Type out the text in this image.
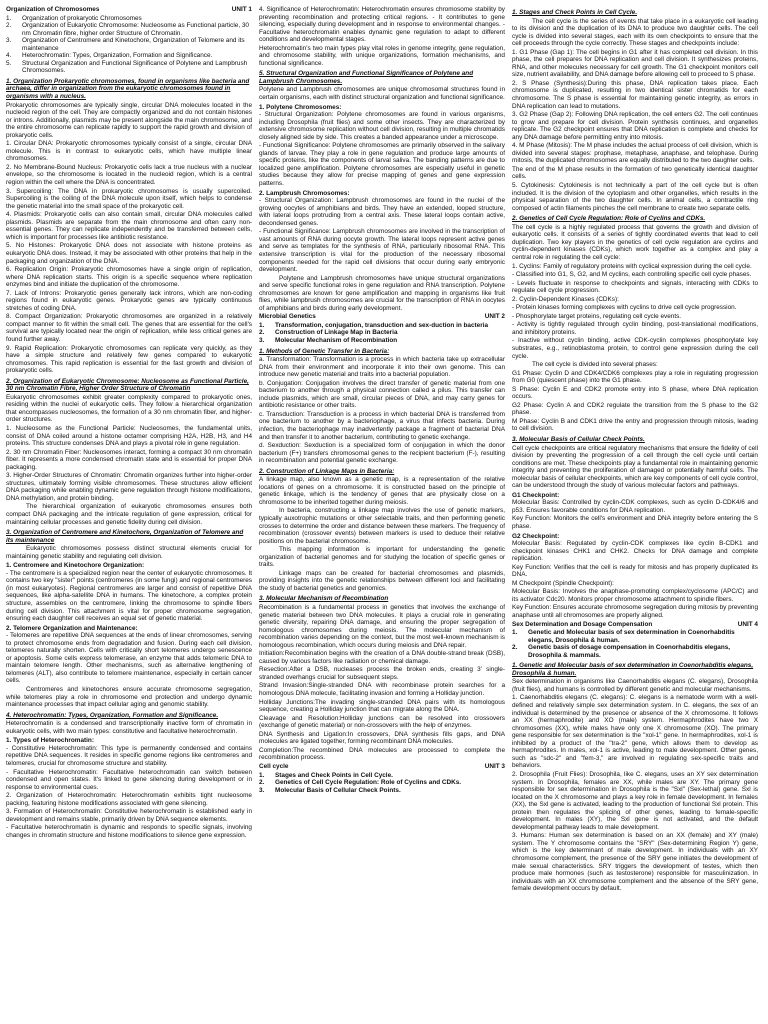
Organization of Chromosomes	UNIT 1
1.	Organization of prokaryotic Chromosomes
2.	Organization of Eukaryotic Chromosome: Nucleosome as Functional particle, 30 nm Chromatin fibre, higher order Structure of Chromatin.
3.	Organization of Centromere and Kinetochore, Organization of Telomere and its maintenance
4.	Heterochromatin: Types, Organization, Formation and Significance.
5.	Structural Organization and Functional Significance of Polytene and Lampbrush Chromosomes.
1. Organization Prokaryotic chromosomes, found in organisms like bacteria and archaea, differ in organization from the eukaryotic chromosomes found in organisms with a nucleus.
Prokaryotic chromosomes are typically single, circular DNA molecules located in the nucleoid region of the cell. They are compactly organized and do not contain histones or introns. Additionally, plasmids may be present alongside the main chromosome, and the entire chromosome can replicate rapidly to support the rapid growth and division of prokaryotic cells.
1. Circular DNA: Prokaryotic chromosomes typically consist of a single, circular DNA molecule. This is in contrast to eukaryotic cells, which have multiple linear chromosomes.
2. No Membrane-Bound Nucleus: Prokaryotic cells lack a true nucleus with a nuclear envelope, so the chromosome is located in the nucleoid region, which is a central region within the cell where the DNA is concentrated.
3. Supercoiling: The DNA in prokaryotic chromosomes is usually supercoiled. Supercoiling is the coiling of the DNA molecule upon itself, which helps to condense the genetic material into the small space of the prokaryotic cell.
4. Plasmids: Prokaryotic cells can also contain small, circular DNA molecules called plasmids. Plasmids are separate from the main chromosome and often carry non-essential genes. They can replicate independently and be transferred between cells, which is important for processes like antibiotic resistance.
5. No Histones: Prokaryotic DNA does not associate with histone proteins as eukaryotic DNA does. Instead, it may be associated with other proteins that help in the packaging and organization of the DNA.
6. Replication Origin: Prokaryotic chromosomes have a single origin of replication, where DNA replication starts. This origin is a specific sequence where replication enzymes bind and initiate the duplication of the chromosome.
7. Lack of Introns: Prokaryotic genes generally lack introns, which are non-coding regions found in eukaryotic genes. Prokaryotic genes are typically continuous stretches of coding DNA.
8. Compact Organization: Prokaryotic chromosomes are organized in a relatively compact manner to fit within the small cell. The genes that are essential for the cell's survival are typically located near the origin of replication, while less critical genes are found further away.
9. Rapid Replication: Prokaryotic chromosomes can replicate very quickly, as they have a simple structure and relatively few genes compared to eukaryotic chromosomes. This rapid replication is essential for the fast growth and division of prokaryotic cells.
2. Organization of Eukaryotic Chromosome: Nucleosome as Functional Particle, 30 nm Chromatin Fibre, Higher Order Structure of Chromatin
Eukaryotic chromosomes exhibit greater complexity compared to prokaryotic ones, residing within the nuclei of eukaryotic cells. They follow a hierarchical organization that encompasses nucleosomes, the formation of a 30 nm chromatin fiber, and higher-order structures.
1. Nucleosome as the Functional Particle: Nucleosomes, the fundamental units, consist of DNA coiled around a histone octamer comprising H2A, H2B, H3, and H4 proteins. This structure condenses DNA and plays a pivotal role in gene regulation.
2. 30 nm Chromatin Fiber: Nucleosomes interact, forming a compact 30 nm chromatin fiber. It represents a more condensed chromatin state and is essential for proper DNA packaging.
3. Higher-Order Structures of Chromatin: Chromatin organizes further into higher-order structures, ultimately forming visible chromosomes. These structures allow efficient DNA packaging while enabling dynamic gene regulation through histone modifications, DNA methylation, and protein binding.
The hierarchical organization of eukaryotic chromosomes ensures both compact DNA packaging and the intricate regulation of gene expression, critical for maintaining cellular processes and genetic fidelity during cell division.
3. Organization of Centromere and Kinetochore, Organization of Telomere and its maintenance
Eukaryotic chromosomes possess distinct structural elements crucial for maintaining genetic stability and regulating cell division.
1. Centromere and Kinetochore Organization:
- The centromere is a specialized region near the center of eukaryotic chromosomes. It contains two key "sister" points (centromeres (in some fungi) and regional centromeres (in most eukaryotes). Regional centromeres are larger and consist of repetitive DNA sequences, like alpha-satellite DNA in humans. The kinetochore, a complex protein structure, assembles on the centromere, linking the chromosome to spindle fibers during cell division. This attachment is vital for proper chromosome segregation, ensuring each daughter cell receives an equal set of genetic material.
2. Telomere Organization and Maintenance:
- Telomeres are repetitive DNA sequences at the ends of linear chromosomes, serving to protect chromosome ends from degradation and fusion. During each cell division, telomeres naturally shorten. Cells with critically short telomeres undergo senescence or apoptosis. Some cells express telomerase, an enzyme that adds telomeric DNA to maintain telomere length. Other mechanisms, such as alternative lengthening of telomeres (ALT), also contribute to telomere maintenance, especially in certain cancer cells.
Centromeres and kinetochores ensure accurate chromosome segregation, while telomeres play a role in chromosome end protection and undergo dynamic maintenance processes that impact cellular aging and genomic stability.
4. Heterochromatin: Types, Organization, Formation and Significance.
Heterochromatin is a condensed and transcriptionally inactive form of chromatin in eukaryotic cells, with two main types: constitutive and facultative heterochromatin.
1. Types of Heterochromatin:
- Constitutive Heterochromatin: This type is permanently condensed and contains repetitive DNA sequences. It resides in specific genome regions like centromeres and telomeres, crucial for chromosome structure and stability.
- Facultative Heterochromatin: Facultative heterochromatin can switch between condensed and open states. It's linked to gene silencing during development or in response to environmental cues.
2. Organization of Heterochromatin: Heterochromatin exhibits tight nucleosome packing, featuring histone modifications associated with gene silencing.
3. Formation of Heterochromatin: Constitutive heterochromatin is established early in development and remains stable, primarily driven by DNA sequence elements.
- Facultative heterochromatin is dynamic and responds to specific signals, involving changes in chromatin structure and histone modifications to silence gene expression.
4. Significance of Heterochromatin: Heterochromatin ensures chromosome stability by preventing recombination and protecting critical regions. - It contributes to gene silencing, especially during development and in response to environmental changes. - Facultative heterochromatin enables dynamic gene regulation to adapt to different conditions and developmental stages.
Heterochromatin's two main types play vital roles in genome integrity, gene regulation, and chromosome stability, with unique organizations, formation mechanisms, and functional significance.
5. Structural Organization and Functional Significance of Polytene and Lampbrush Chromosomes.
Polytene and Lampbrush chromosomes are unique chromosomal structures found in certain organisms, each with distinct structural organization and functional significance.
1. Polytene Chromosomes:
- Structural Organization: Polytene chromosomes are found in various organisms, including Drosophila (fruit flies) and some other insects. They are characterized by extensive chromosome replication without cell division, resulting in multiple chromatids closely aligned side by side. This creates a banded appearance under a microscope.
- Functional Significance: Polytene chromosomes are primarily observed in the salivary glands of larvae. They play a role in gene regulation and produce large amounts of specific proteins, like the components of larval saliva. The banding patterns are due to localized gene amplification. Polytene chromosomes are especially useful in genetic studies because they allow for precise mapping of genes and gene expression patterns.
2. Lampbrush Chromosomes:
- Structural Organization: Lampbrush chromosomes are found in the nuclei of the growing oocytes of amphibians and birds. They have an extended, looped structure, with lateral loops protruding from a central axis. These lateral loops contain active, decondensed genes.
- Functional Significance: Lampbrush chromosomes are involved in the transcription of vast amounts of RNA during oocyte growth. The lateral loops represent active genes and serve as templates for the synthesis of RNA, particularly ribosomal RNA. This extensive transcription is vital for the production of the necessary ribosomal components needed for the rapid cell divisions that occur during early embryonic development.
Polytene and Lampbrush chromosomes have unique structural organizations and serve specific functional roles in gene regulation and RNA transcription. Polytene chromosomes are known for gene amplification and mapping in organisms like fruit flies, while lampbrush chromosomes are crucial for the transcription of RNA in oocytes of amphibians and birds during early development.
Microbial Genetics	UNIT 2
1.	Transformation, conjugation, transduction and sex-duction in bacteria
2.	Construction of Linkage Map in Bacteria
3.	Molecular Mechanism of Recombination
1. Methods of Genetic Transfer in Bacteria:
a. Transformation: Transformation is a process in which bacteria take up extracellular DNA from their environment and incorporate it into their own genome. This can introduce new genetic material and traits into a bacterial population.
b. Conjugation: Conjugation involves the direct transfer of genetic material from one bacterium to another through a physical connection called a pilus. This transfer can include plasmids, which are small, circular pieces of DNA, and may carry genes for antibiotic resistance or other traits.
c. Transduction: Transduction is a process in which bacterial DNA is transferred from one bacterium to another by a bacteriophage, a virus that infects bacteria. During infection, the bacteriophage may inadvertently package a fragment of bacterial DNA and then transfer it to another bacterium, contributing to genetic exchange.
d. Sexduction: Sexduction is a specialized form of conjugation in which the donor bacterium (F+) transfers chromosomal genes to the recipient bacterium (F-), resulting in recombination and potential genetic exchange.
2. Construction of Linkage Maps in Bacteria:
A linkage map, also known as a genetic map, is a representation of the relative locations of genes on a chromosome. It is constructed based on the principle of genetic linkage, which is the tendency of genes that are physically close on a chromosome to be inherited together during meiosis.
In bacteria, constructing a linkage map involves the use of genetic markers, typically auxotrophic mutations or other selectable traits, and then performing genetic crosses to determine the order and distance between these markers. The frequency of recombination (crossover events) between markers is used to deduce their relative positions on the bacterial chromosome.
This mapping information is important for understanding the genetic organization of bacterial genomes and for studying the location of specific genes or traits.
Linkage maps can be created for bacterial chromosomes and plasmids, providing insights into the genetic relationships between different loci and facilitating the study of bacterial genetics and genomics.
3. Molecular Mechanism of Recombination
Recombination is a fundamental process in genetics that involves the exchange of genetic material between two DNA molecules. It plays a crucial role in generating genetic diversity, repairing DNA damage, and ensuring the proper segregation of homologous chromosomes during meiosis. The molecular mechanism of recombination varies depending on the context, but the most well-known mechanism is homologous recombination, which occurs during meiosis and DNA repair.
Initiation:Recombination begins with the creation of a DNA double-strand break (DSB), caused by various factors like radiation or chemical damage.
Resection:After a DSB, nucleases process the broken ends, creating 3' single-stranded overhangs crucial for subsequent steps.
Strand Invasion:Single-stranded DNA with recombinase protein searches for a homologous DNA molecule, facilitating invasion and forming a Holliday junction.
Holliday Junctions:The invading single-stranded DNA pairs with its homologous sequence, creating a Holliday junction that can migrate along the DNA.
Cleavage and Resolution:Holliday junctions can be resolved into crossovers (exchange of genetic material) or non-crossovers with the help of enzymes.
DNA Synthesis and Ligation:In crossovers, DNA synthesis fills gaps, and DNA molecules are ligated together, forming recombinant DNA molecules.
Completion:The recombined DNA molecules are processed to complete the recombination process.
Cell cycle	UNIT 3
1.	Stages and Check Points in Cell Cycle.
2.	Genetics of Cell Cycle Regulation: Role of Cyclins and CDKs.
3.	Molecular Basis of Cellular Check Points.
1. Stages and Check Points in Cell Cycle.
The cell cycle is the series of events that take place in a eukaryotic cell leading to its division and the duplication of its DNA to produce two daughter cells. The cell cycle is divided into several stages, each with its own checkpoints to ensure that the cell proceeds through the cycle correctly. These stages and checkpoints include:
1. G1 Phase (Gap 1): The cell begins in G1 after it has completed cell division. In this phase, the cell prepares for DNA replication and cell division. It synthesizes proteins, RNA, and other molecules necessary for cell growth. The G1 checkpoint monitors cell size, nutrient availability, and DNA damage before allowing cell to proceed to S phase.
2. S Phase (Synthesis):During this phase, DNA replication takes place. Each chromosome is duplicated, resulting in two identical sister chromatids for each chromosome. The S phase is essential for maintaining genetic integrity, as errors in DNA replication can lead to mutations.
3. G2 Phase (Gap 2): Following DNA replication, the cell enters G2. The cell continues to grow and prepare for cell division. Protein synthesis continues, and organelles replicate. The G2 checkpoint ensures that DNA replication is complete and checks for any DNA damage before permitting entry into mitosis.
4. M Phase (Mitosis): The M phase includes the actual process of cell division, which is divided into several stages: prophase, metaphase, anaphase, and telophase. During mitosis, the duplicated chromosomes are equally distributed to the two daughter cells.
The end of the M phase results in the formation of two genetically identical daughter cells.
5. Cytokinesis: Cytokinesis is not technically a part of the cell cycle but is often included. It is the division of the cytoplasm and other organelles, which results in the physical separation of the two daughter cells. In animal cells, a contractile ring composed of actin filaments pinches the cell membrane to create two separate cells.
2. Genetics of Cell Cycle Regulation: Role of Cyclins and CDKs.
The cell cycle is a highly regulated process that governs the growth and division of eukaryotic cells. It consists of a series of tightly coordinated events that lead to cell duplication. Two key players in the genetics of cell cycle regulation are cyclins and cyclin-dependent kinases (CDKs), which work together as a complex and play a central role in regulating the cell cycle:
1. Cyclins: Family of regulatory proteins with cyclical expression during the cell cycle.
- Classified into G1, S, G2, and M cyclins, each controlling specific cell cycle phases.
- Levels fluctuate in response to checkpoints and signals, interacting with CDKs to regulate cell cycle progression.
2. Cyclin-Dependent Kinases (CDKs):
- Protein kinases forming complexes with cyclins to drive cell cycle progression.
- Phosphorylate target proteins, regulating cell cycle events.
- Activity is tightly regulated through cyclin binding, post-translational modifications, and inhibitory proteins.
- Inactive without cyclin binding, active CDK-cyclin complexes phosphorylate key substrates, e.g., retinoblastoma protein, to control gene expression during the cell cycle.
The cell cycle is divided into several phases:
G1 Phase: Cyclin D and CDK4/CDK6 complexes play a role in regulating progression from G0 (quiescent phase) into the G1 phase.
S Phase: Cyclin E and CDK2 promote entry into S phase, where DNA replication occurs.
G2 Phase: Cyclin A and CDK2 regulate the transition from the S phase to the G2 phase.
M Phase: Cyclin B and CDK1 drive the entry and progression through mitosis, leading to cell division.
3. Molecular Basis of Cellular Check Points.
Cell cycle checkpoints are critical regulatory mechanisms that ensure the fidelity of cell division by preventing the progression of a cell through the cell cycle until certain conditions are met. These checkpoints play a fundamental role in maintaining genomic integrity and preventing the proliferation of damaged or potentially harmful cells. The molecular basis of cellular checkpoints, which are key components of cell cycle control, can be understood through the study of various molecular factors and pathways.
G1 Checkpoint:
Molecular Basis: Controlled by cyclin-CDK complexes, such as cyclin D-CDK4/6 and p53. Ensures favorable conditions for DNA replication.
Key Function: Monitors the cell's environment and DNA integrity before entering the S phase.
G2 Checkpoint:
Molecular Basis: Regulated by cyclin-CDK complexes like cyclin B-CDK1 and checkpoint kinases CHK1 and CHK2. Checks for DNA damage and complete replication.
Key Function: Verifies that the cell is ready for mitosis and has properly duplicated its DNA.
M Checkpoint (Spindle Checkpoint):
Molecular Basis: Involves the anaphase-promoting complex/cyclosome (APC/C) and its activator Cdc20. Monitors proper chromosome attachment to spindle fibers.
Key Function: Ensures accurate chromosome segregation during mitosis by preventing anaphase until all chromosomes are properly aligned.
Sex Determination and Dosage Compensation	UNIT 4
1.	Genetic and Molecular basis of sex determination in Coenorhabditis elegans, Drosophila & human.
2.	Genetic basis of dosage compensation in Coenorhabditis elegans, Drosophila & mammals.
1. Genetic and Molecular basis of sex determination in Coenorhabditis elegans, Drosophila & human.
Sex determination in organisms like Caenorhabditis elegans (C. elegans), Drosophila (fruit flies), and humans is controlled by different genetic and molecular mechanisms.
1. Caenorhabditis elegans (C. elegans): C. elegans is a nematode worm with a well-defined and relatively simple sex determination system. In C. elegans, the sex of an individual is determined by the presence or absence of the X chromosome. It follows an XX (hermaphrodite) and XO (male) system. Hermaphrodites have two X chromosomes (XX), while males have only one X chromosome (XO). The primary gene responsible for sex determination is the "xol-1" gene. In hermaphrodites, xol-1 is inhibited by a product of the "tra-2" gene, which allows them to develop as hermaphrodites. In males, xol-1 is active, leading to male development. Other genes, such as "sdc-2" and "fem-3," are involved in regulating sex-specific traits and behaviors.
2. Drosophila (Fruit Flies): Drosophila, like C. elegans, uses an XY sex determination system. In Drosophila, females are XX, while males are XY. The primary gene responsible for sex determination in Drosophila is the "Sxl" (Sex-lethal) gene. Sxl is located on the X chromosome and plays a key role in female development. In females (XX), the Sxl gene is activated, leading to the production of functional Sxl protein. This protein then regulates the splicing of other genes, leading to female-specific development. In males (XY), the Sxl gene is not activated, and the default developmental pathway leads to male development.
3. Humans: Human sex determination is based on an XX (female) and XY (male) system. The Y chromosome contains the "SRY" (Sex-determining Region Y) gene, which is the key determinant of male development. In individuals with an XY chromosome complement, the presence of the SRY gene initiates the development of male sexual characteristics. SRY triggers the development of testes, which then produce male hormones (such as testosterone) responsible for masculinization. In individuals with an XX chromosome complement and the absence of the SRY gene, female development occurs by default.
